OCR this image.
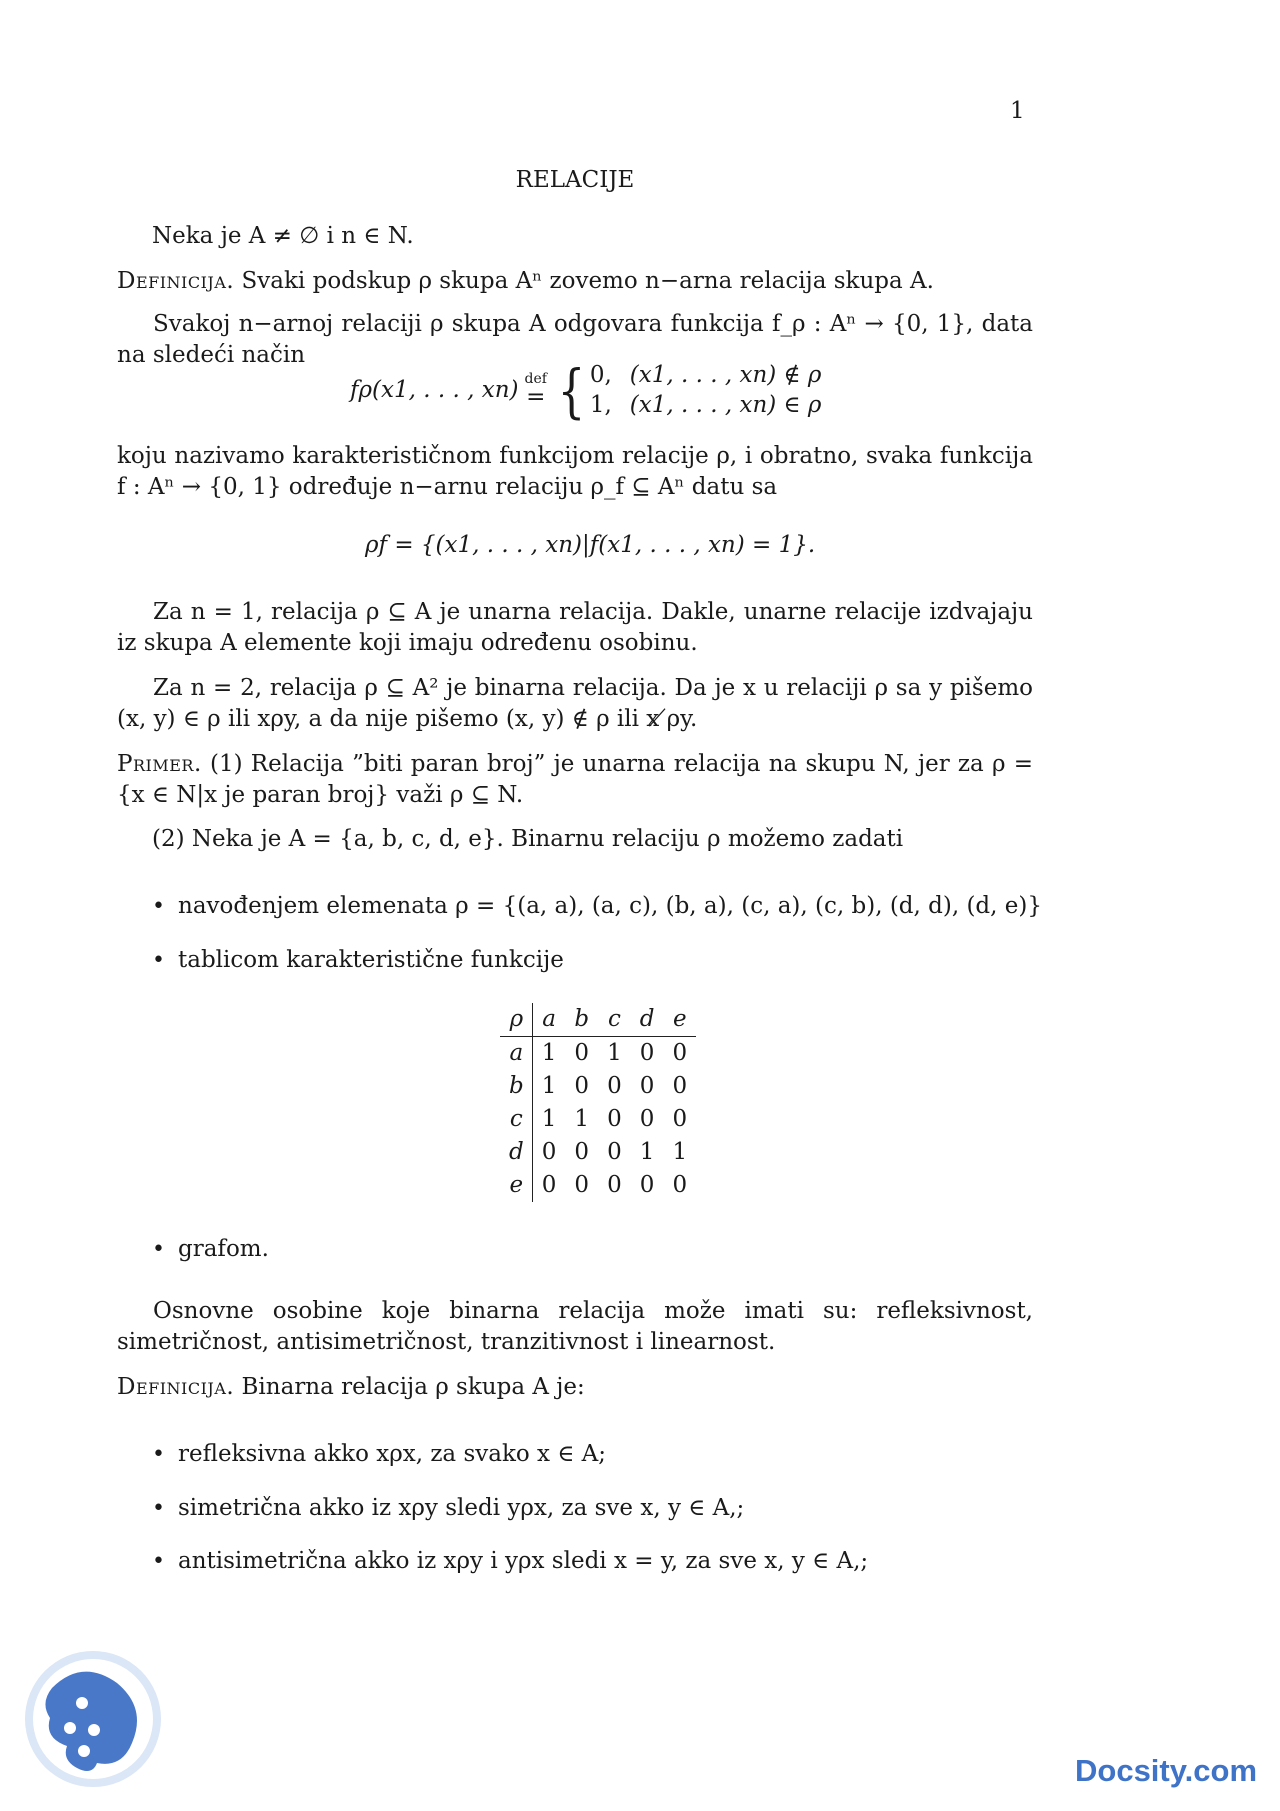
1
RELACIJE
Neka je A ≠ ∅ i n ∈ N.
Definicija. Svaki podskup ρ skupa Aⁿ zovemo n−arna relacija skupa A.
Svakoj n−arnoj relaciji ρ skupa A odgovara funkcija f_ρ : Aⁿ → {0, 1}, data na sledeći način
fρ(x1, . . . , xn) def
= { 0, (x1, . . . , xn) ∉ ρ
1, (x1, . . . , xn) ∈ ρ
koju nazivamo karakterističnom funkcijom relacije ρ, i obratno, svaka funkcija f : Aⁿ → {0, 1} određuje n−arnu relaciju ρ_f ⊆ Aⁿ datu sa
ρf = {(x1, . . . , xn)|f(x1, . . . , xn) = 1}.
Za n = 1, relacija ρ ⊆ A je unarna relacija. Dakle, unarne relacije izdvajaju iz skupa A elemente koji imaju određenu osobinu.
Za n = 2, relacija ρ ⊆ A² je binarna relacija. Da je x u relaciji ρ sa y pišemo (x, y) ∈ ρ ili xρy, a da nije pišemo (x, y) ∉ ρ ili x ̸ρy.
Primer. (1) Relacija ”biti paran broj” je unarna relacija na skupu N, jer za ρ = {x ∈ N|x je paran broj} važi ρ ⊆ N.
(2) Neka je A = {a, b, c, d, e}. Binarnu relaciju ρ možemo zadati
• navođenjem elemenata ρ = {(a, a), (a, c), (b, a), (c, a), (c, b), (d, d), (d, e)}
• tablicom karakteristične funkcije
ρ	a	b	c	d	e
a	1	0	1	0	0
b	1	0	0	0	0
c	1	1	0	0	0
d	0	0	0	1	1
e	0	0	0	0	0
• grafom.
Osnovne osobine koje binarna relacija može imati su: refleksivnost, simetričnost, antisimetričnost, tranzitivnost i linearnost.
Definicija. Binarna relacija ρ skupa A je:
• refleksivna akko xρx, za svako x ∈ A;
• simetrična akko iz xρy sledi yρx, za sve x, y ∈ A,;
• antisimetrična akko iz xρy i yρx sledi x = y, za sve x, y ∈ A,;
Docsity.com
